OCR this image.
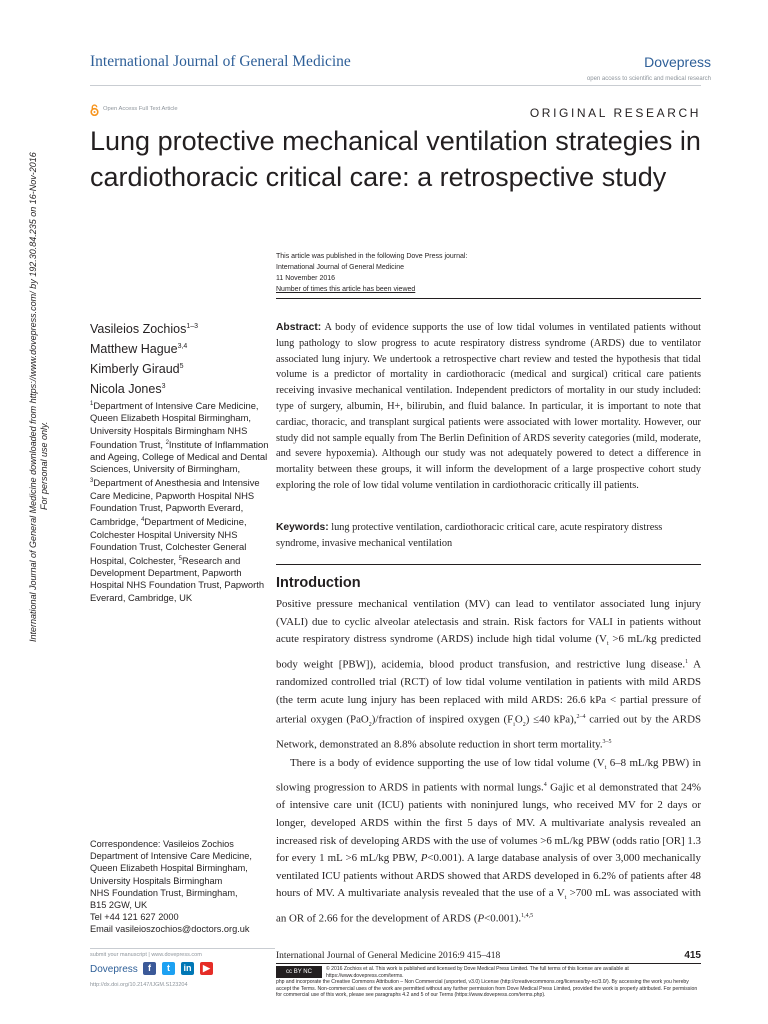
International Journal of General Medicine	Dovepress
open access to scientific and medical research
Open Access Full Text Article	ORIGINAL RESEARCH
Lung protective mechanical ventilation strategies in cardiothoracic critical care: a retrospective study
This article was published in the following Dove Press journal:
International Journal of General Medicine
11 November 2016
Number of times this article has been viewed
International Journal of General Medicine downloaded from https://www.dovepress.com/ by 192.30.84.235 on 16-Nov-2016 For personal use only.
Vasileios Zochios$^{1-3}$
Matthew Hague$^{3,4}$
Kimberly Giraud$^5$
Nicola Jones$^3$
$^1$Department of Intensive Care Medicine, Queen Elizabeth Hospital Birmingham, University Hospitals Birmingham NHS Foundation Trust, $^2$Institute of Inflammation and Ageing, College of Medical and Dental Sciences, University of Birmingham, $^3$Department of Anesthesia and Intensive Care Medicine, Papworth Hospital NHS Foundation Trust, Papworth Everard, Cambridge, $^4$Department of Medicine, Colchester Hospital University NHS Foundation Trust, Colchester General Hospital, Colchester, $^5$Research and Development Department, Papworth Hospital NHS Foundation Trust, Papworth Everard, Cambridge, UK
Correspondence: Vasileios Zochios
Department of Intensive Care Medicine,
Queen Elizabeth Hospital Birmingham,
University Hospitals Birmingham
NHS Foundation Trust, Birmingham,
B15 2GW, UK
Tel +44 121 627 2000
Email vasileioszochios@doctors.org.uk
Abstract: A body of evidence supports the use of low tidal volumes in ventilated patients without lung pathology to slow progress to acute respiratory distress syndrome (ARDS) due to ventilator associated lung injury. We undertook a retrospective chart review and tested the hypothesis that tidal volume is a predictor of mortality in cardiothoracic (medical and surgical) critical care patients receiving invasive mechanical ventilation. Independent predictors of mortality in our study included: type of surgery, albumin, H+, bilirubin, and fluid balance. In particular, it is important to note that cardiac, thoracic, and transplant surgical patients were associated with lower mortality. However, our study did not sample equally from The Berlin Definition of ARDS severity categories (mild, moderate, and severe hypoxemia). Although our study was not adequately powered to detect a difference in mortality between these groups, it will inform the development of a large prospective cohort study exploring the role of low tidal volume ventilation in cardiothoracic critically ill patients.
Keywords: lung protective ventilation, cardiothoracic critical care, acute respiratory distress syndrome, invasive mechanical ventilation
Introduction

Positive pressure mechanical ventilation (MV) can lead to ventilator associated lung injury (VALI) due to cyclic alveolar atelectasis and strain. Risk factors for VALI in patients without acute respiratory distress syndrome (ARDS) include high tidal volume ($V_t >6$ mL/kg predicted body weight [PBW]), acidemia, blood product transfusion, and restrictive lung disease.$^1$ A randomized controlled trial (RCT) of low tidal volume ventilation in patients with mild ARDS (the term acute lung injury has been replaced with mild ARDS: 26.6 kPa < partial pressure of arterial oxygen (PaO$_2$)/fraction of inspired oxygen $(F_iO_2) \le 40$ kPa),$^{2-4}$ carried out by the ARDS Network, demonstrated an 8.8% absolute reduction in short term mortality.$^{3-5}$

There is a body of evidence supporting the use of low tidal volume ($V_t$ 6–8 mL/kg PBW) in slowing progression to ARDS in patients with normal lungs.$^4$ Gajic et al demonstrated that 24% of intensive care unit (ICU) patients with noninjured lungs, who received MV for 2 days or longer, developed ARDS within the first 5 days of MV. A multivariate analysis revealed an increased risk of developing ARDS with the use of volumes >6 mL/kg PBW (odds ratio [OR] 1.3 for every 1 mL >6 mL/kg PBW, P<0.001). A large database analysis of over 3,000 mechanically ventilated ICU patients without ARDS showed that ARDS developed in 6.2% of patients after 48 hours of MV. A multivariate analysis revealed that the use of a $V_t >700$ mL was associated with an OR of 2.66 for the development of ARDS (P<0.001).$^{1,4,5}$

submit your manuscript | www.dovepress.com
Dovepress	f	t	in	▶
http://dx.doi.org/10.2147/IJGM.S123204
International Journal of General Medicine 2016:9 415–418	415
cc BY NC	© 2016 Zochios et al. This work is published and licensed by Dove Medical Press Limited. The full terms of this license are available at https://www.dovepress.com/terms.
php and incorporate the Creative Commons Attribution – Non Commercial (unported, v3.0) License (http://creativecommons.org/licenses/by-nc/3.0/). By accessing the work you hereby accept the Terms. Non-commercial uses of the work are permitted without any further permission from Dove Medical Press Limited, provided the work is properly attributed. For permission for commercial use of this work, please see paragraphs 4.2 and 5 of our Terms (https://www.dovepress.com/terms.php).
